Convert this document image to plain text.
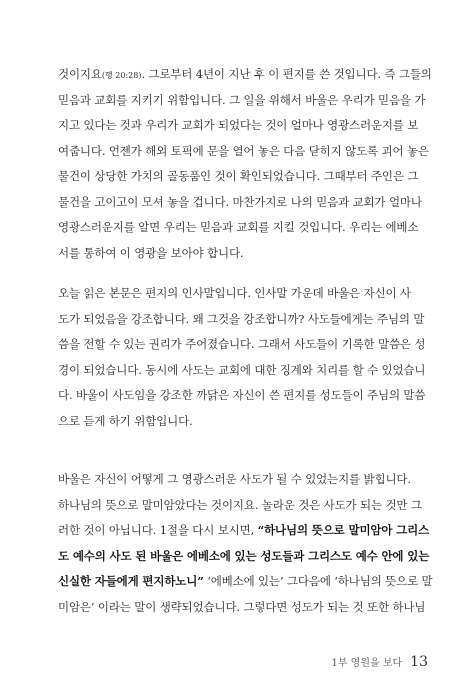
것이지요(행 20:28). 그로부터 4년이 지난 후 이 편지를 쓴 것입니다. 즉 그들의

믿음과 교회를 지키기 위함입니다. 그 일을 위해서 바울은 우리가 믿음을 가

지고 있다는 것과 우리가 교회가 되었다는 것이 얼마나 영광스러운지를 보

여줍니다. 언젠가 해외 토픽에 문을 열어 놓은 다음 닫히지 않도록 괴어 놓은

물건이 상당한 가치의 골동품인 것이 확인되었습니다. 그때부터 주인은 그

물건을 고이고이 모셔 놓을 겁니다. 마찬가지로 나의 믿음과 교회가 얼마나

영광스러운지를 알면 우리는 믿음과 교회를 지킬 것입니다. 우리는 에베소

서를 통하여 이 영광을 보아야 합니다.

오늘 읽은 본문은 편지의 인사말입니다. 인사말 가운데 바울은 자신이 사

도가 되었음을 강조합니다. 왜 그것을 강조합니까? 사도들에게는 주님의 말

씀을 전할 수 있는 권리가 주어졌습니다. 그래서 사도들이 기록한 말씀은 성

경이 되었습니다. 동시에 사도는 교회에 대한 징계와 치리를 할 수 있었습니

다. 바울이 사도임을 강조한 까닭은 자신이 쓴 편지를 성도들이 주님의 말씀

으로 듣게 하기 위함입니다.

바울은 자신이 어떻게 그 영광스러운 사도가 될 수 있었는지를 밝힙니다.

하나님의 뜻으로 말미암았다는 것이지요. 놀라운 것은 사도가 되는 것만 그

러한 것이 아닙니다. 1절을 다시 보시면, “하나님의 뜻으로 말미암아 그리스

도 예수의 사도 된 바울은 에베소에 있는 성도들과 그리스도 예수 안에 있는

신실한 자들에게 편지하노니” ‘에베소에 있는’ 그다음에 ‘하나님의 뜻으로 말

미암은’ 이라는 말이 생략되었습니다. 그렇다면 성도가 되는 것 또한 하나님

1부 영원을 보다 13
